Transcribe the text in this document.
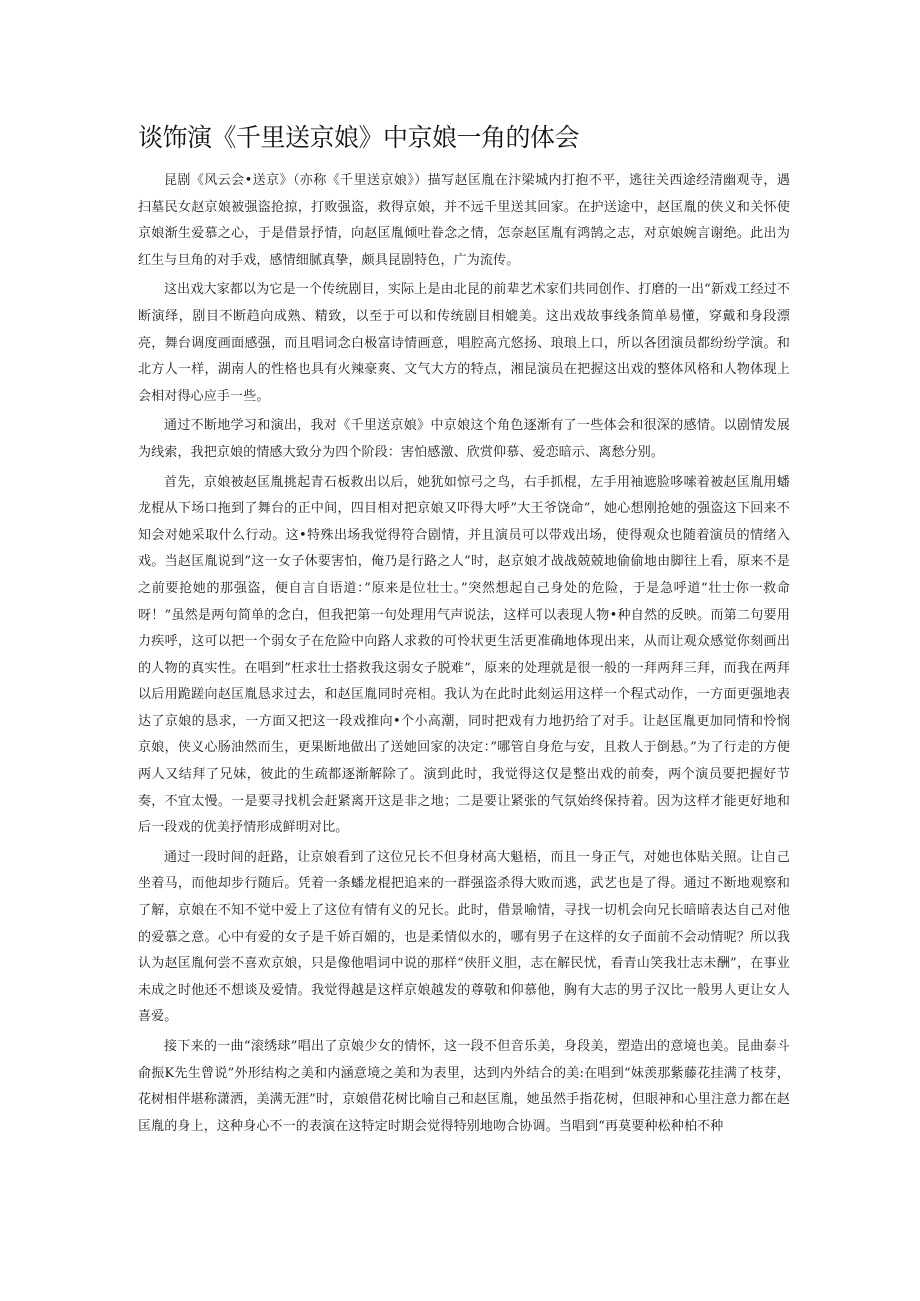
谈饰演《千里送京娘》中京娘一角的体会

昆剧《风云会•送京》（亦称《千里送京娘》）描写赵匡胤在汴梁城内打抱不平，逃往关西途经清幽观寺，遇扫墓民女赵京娘被强盗抢掠，打败强盗，救得京娘，并不远千里送其回家。在护送途中，赵匡胤的侠义和关怀使京娘渐生爱慕之心，于是借景抒情，向赵匡胤倾吐眷念之情，怎奈赵匡胤有鸿鹄之志，对京娘婉言谢绝。此出为红生与旦角的对手戏，感情细腻真挚，颇具昆剧特色，广为流传。

这出戏大家都以为它是一个传统剧目，实际上是由北昆的前辈艺术家们共同创作、打磨的一出“新戏工经过不断演绎，剧目不断趋向成熟、精致，以至于可以和传统剧目相媲美。这出戏故事线条简单易懂，穿戴和身段漂亮，舞台调度画面感强，而且唱词念白极富诗情画意，唱腔高亢悠扬、琅琅上口，所以各团演员都纷纷学演。和北方人一样，湖南人的性格也具有火辣豪爽、文气大方的特点，湘昆演员在把握这出戏的整体风格和人物体现上会相对得心应手一些。

通过不断地学习和演出，我对《千里送京娘》中京娘这个角色逐渐有了一些体会和很深的感情。以剧情发展为线索，我把京娘的情感大致分为四个阶段：害怕感激、欣赏仰慕、爱恋暗示、离愁分别。

首先，京娘被赵匡胤挑起青石板救出以后，她犹如惊弓之鸟，右手抓棍，左手用袖遮脸哆嗦着被赵匡胤用蟠龙棍从下场口拖到了舞台的正中间，四目相对把京娘又吓得大呼”大王爷饶命”，她心想刚抢她的强盗这下回来不知会对她采取什么行动。这•特殊出场我觉得符合剧情，并且演员可以带戏出场，使得观众也随着演员的情绪入戏。当赵匡胤说到”这一女子休要害怕，俺乃是行路之人”时，赵京娘才战战兢兢地偷偷地由脚往上看，原来不是之前要抢她的那强盗，便自言自语道：”原来是位壮士。”突然想起自己身处的危险，于是急呼道“壮士你一救命呀！”虽然是两句简单的念白，但我把第一句处理用气声说法，这样可以表现人物•种自然的反映。而第二句要用力疾呼，这可以把一个弱女子在危险中向路人求救的可怜状更生活更准确地体现出来，从而让观众感觉你刻画出的人物的真实性。在唱到”枉求壮士搭救我这弱女子脱难”，原来的处理就是很一般的一拜两拜三拜，而我在两拜以后用跪蹉向赵匡胤恳求过去，和赵匡胤同时亮相。我认为在此时此刻运用这样一个程式动作，一方面更强地表达了京娘的恳求，一方面又把这一段戏推向•个小高潮，同时把戏有力地扔给了对手。让赵匡胤更加同情和怜悯京娘，侠义心肠油然而生，更果断地做出了送她回家的决定：”哪管自身危与安，且救人于倒悬。”为了行走的方便两人又结拜了兄妹，彼此的生疏都逐渐解除了。演到此时，我觉得这仅是整出戏的前奏，两个演员要把握好节奏，不宜太慢。一是要寻找机会赶紧离开这是非之地；二是要让紧张的气氛始终保持着。因为这样才能更好地和后一段戏的优美抒情形成鲜明对比。

通过一段时间的赶路，让京娘看到了这位兄长不但身材高大魁梧，而且一身正气，对她也体贴关照。让自己坐着马，而他却步行随后。凭着一条蟠龙棍把追来的一群强盗杀得大败而逃，武艺也是了得。通过不断地观察和了解，京娘在不知不觉中爱上了这位有情有义的兄长。此时，借景喻情，寻找一切机会向兄长暗暗表达自己对他的爱慕之意。心中有爱的女子是千娇百媚的，也是柔情似水的，哪有男子在这样的女子面前不会动情呢？所以我认为赵匡胤何尝不喜欢京娘，只是像他唱词中说的那样“侠肝义胆，志在解民忧，看青山笑我壮志未酬”，在事业未成之时他还不想谈及爱情。我觉得越是这样京娘越发的尊敬和仰慕他，胸有大志的男子汉比一般男人更让女人喜爱。

接下来的一曲“滚绣球”唱出了京娘少女的情怀，这一段不但音乐美，身段美，塑造出的意境也美。昆曲泰斗俞振K先生曾说”外形结构之美和内涵意境之美和为表里，达到内外结合的美:在唱到“妹羡那紫藤花挂满了枝芽，花树相伴堪称潇洒，美满无涯”时，京娘借花树比喻自己和赵匡胤，她虽然手指花树，但眼神和心里注意力都在赵匡胤的身上，这种身心不一的表演在这特定时期会觉得特别地吻合协调。当唱到“再莫要种松种柏不种
